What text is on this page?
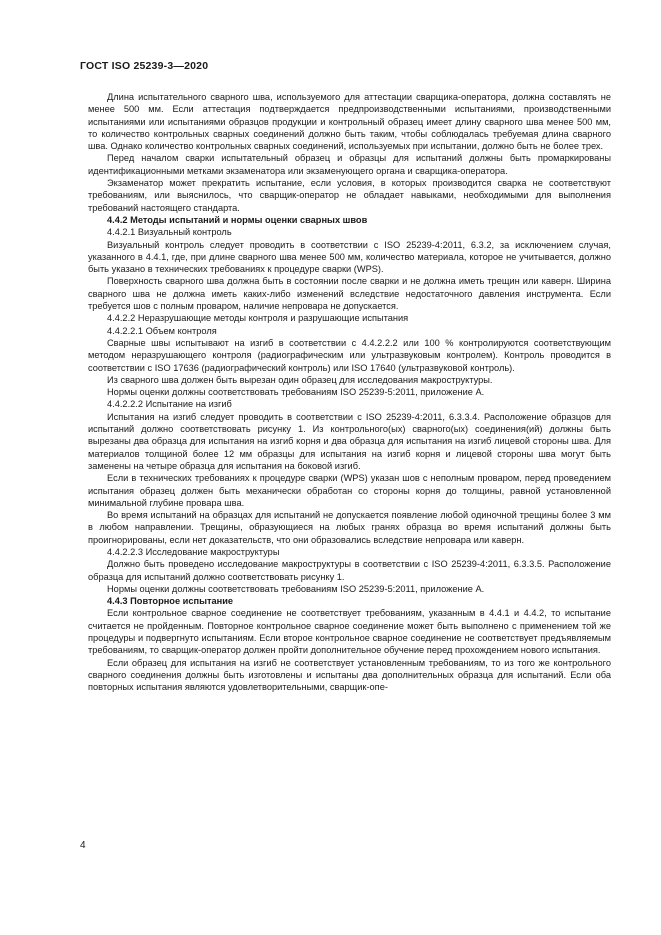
ГОСТ ISO 25239-3—2020

Длина испытательного сварного шва, используемого для аттестации сварщика-оператора, должна составлять не менее 500 мм. Если аттестация подтверждается предпроизводственными испытаниями, производственными испытаниями или испытаниями образцов продукции и контрольный образец имеет длину сварного шва менее 500 мм, то количество контрольных сварных соединений должно быть таким, чтобы соблюдалась требуемая длина сварного шва. Однако количество контрольных сварных соединений, используемых при испытании, должно быть не более трех.

Перед началом сварки испытательный образец и образцы для испытаний должны быть промаркированы идентификационными метками экзаменатора или экзаменующего органа и сварщика-оператора.

Экзаменатор может прекратить испытание, если условия, в которых производится сварка не соответствуют требованиям, или выяснилось, что сварщик-оператор не обладает навыками, необходимыми для выполнения требований настоящего стандарта.

4.4.2 Методы испытаний и нормы оценки сварных швов

4.4.2.1 Визуальный контроль

Визуальный контроль следует проводить в соответствии с ISO 25239-4:2011, 6.3.2, за исключением случая, указанного в 4.4.1, где, при длине сварного шва менее 500 мм, количество материала, которое не учитывается, должно быть указано в технических требованиях к процедуре сварки (WPS).

Поверхность сварного шва должна быть в состоянии после сварки и не должна иметь трещин или каверн. Ширина сварного шва не должна иметь каких-либо изменений вследствие недостаточного давления инструмента. Если требуется шов с полным проваром, наличие непровара не допускается.

4.4.2.2 Неразрушающие методы контроля и разрушающие испытания

4.4.2.2.1 Объем контроля

Сварные швы испытывают на изгиб в соответствии с 4.4.2.2.2 или 100 % контролируются соответствующим методом неразрушающего контроля (радиографическим или ультразвуковым контролем). Контроль проводится в соответствии с ISO 17636 (радиографический контроль) или ISO 17640 (ультразвуковой контроль).

Из сварного шва должен быть вырезан один образец для исследования макроструктуры.

Нормы оценки должны соответствовать требованиям ISO 25239-5:2011, приложение А.

4.4.2.2.2 Испытание на изгиб

Испытания на изгиб следует проводить в соответствии с ISO 25239-4:2011, 6.3.3.4. Расположение образцов для испытаний должно соответствовать рисунку 1. Из контрольного(ых) сварного(ых) соединения(ий) должны быть вырезаны два образца для испытания на изгиб корня и два образца для испытания на изгиб лицевой стороны шва. Для материалов толщиной более 12 мм образцы для испытания на изгиб корня и лицевой стороны шва могут быть заменены на четыре образца для испытания на боковой изгиб.

Если в технических требованиях к процедуре сварки (WPS) указан шов с неполным проваром, перед проведением испытания образец должен быть механически обработан со стороны корня до толщины, равной установленной минимальной глубине провара шва.

Во время испытаний на образцах для испытаний не допускается появление любой одиночной трещины более 3 мм в любом направлении. Трещины, образующиеся на любых гранях образца во время испытаний должны быть проигнорированы, если нет доказательств, что они образовались вследствие непровара или каверн.

4.4.2.2.3 Исследование макроструктуры

Должно быть проведено исследование макроструктуры в соответствии с ISO 25239-4:2011, 6.3.3.5. Расположение образца для испытаний должно соответствовать рисунку 1.

Нормы оценки должны соответствовать требованиям ISO 25239-5:2011, приложение А.

4.4.3 Повторное испытание

Если контрольное сварное соединение не соответствует требованиям, указанным в 4.4.1 и 4.4.2, то испытание считается не пройденным. Повторное контрольное сварное соединение может быть выполнено с применением той же процедуры и подвергнуто испытаниям. Если второе контрольное сварное соединение не соответствует предъявляемым требованиям, то сварщик-оператор должен пройти дополнительное обучение перед прохождением нового испытания.

Если образец для испытания на изгиб не соответствует установленным требованиям, то из того же контрольного сварного соединения должны быть изготовлены и испытаны два дополнительных образца для испытаний. Если оба повторных испытания являются удовлетворительными, сварщик-опе-

4
